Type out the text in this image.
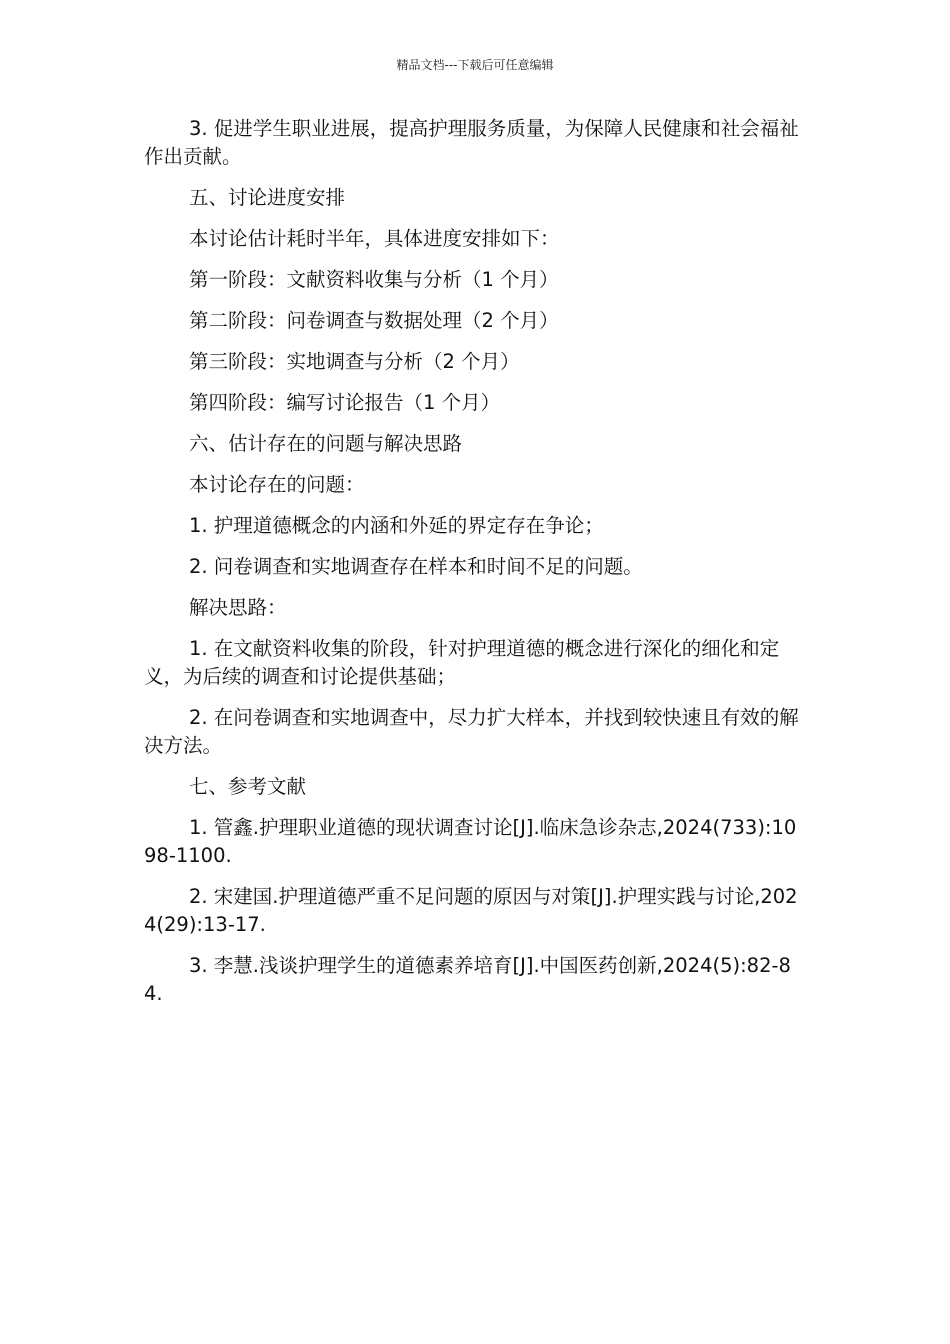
精品文档---下载后可任意编辑

3. 促进学生职业进展，提高护理服务质量，为保障人民健康和社会福祉作出贡献。

五、讨论进度安排

本讨论估计耗时半年，具体进度安排如下：

第一阶段：文献资料收集与分析（1 个月）

第二阶段：问卷调查与数据处理（2 个月）

第三阶段：实地调查与分析（2 个月）

第四阶段：编写讨论报告（1 个月）

六、估计存在的问题与解决思路

本讨论存在的问题：

1. 护理道德概念的内涵和外延的界定存在争论；

2. 问卷调查和实地调查存在样本和时间不足的问题。

解决思路：

1. 在文献资料收集的阶段，针对护理道德的概念进行深化的细化和定义，为后续的调查和讨论提供基础；

2. 在问卷调查和实地调查中，尽力扩大样本，并找到较快速且有效的解决方法。

七、参考文献

1. 管鑫.护理职业道德的现状调查讨论[J].临床急诊杂志,2024(733):1098-1100.

2. 宋建国.护理道德严重不足问题的原因与对策[J].护理实践与讨论,2024(29):13-17.

3. 李慧.浅谈护理学生的道德素养培育[J].中国医药创新,2024(5):82-84.
